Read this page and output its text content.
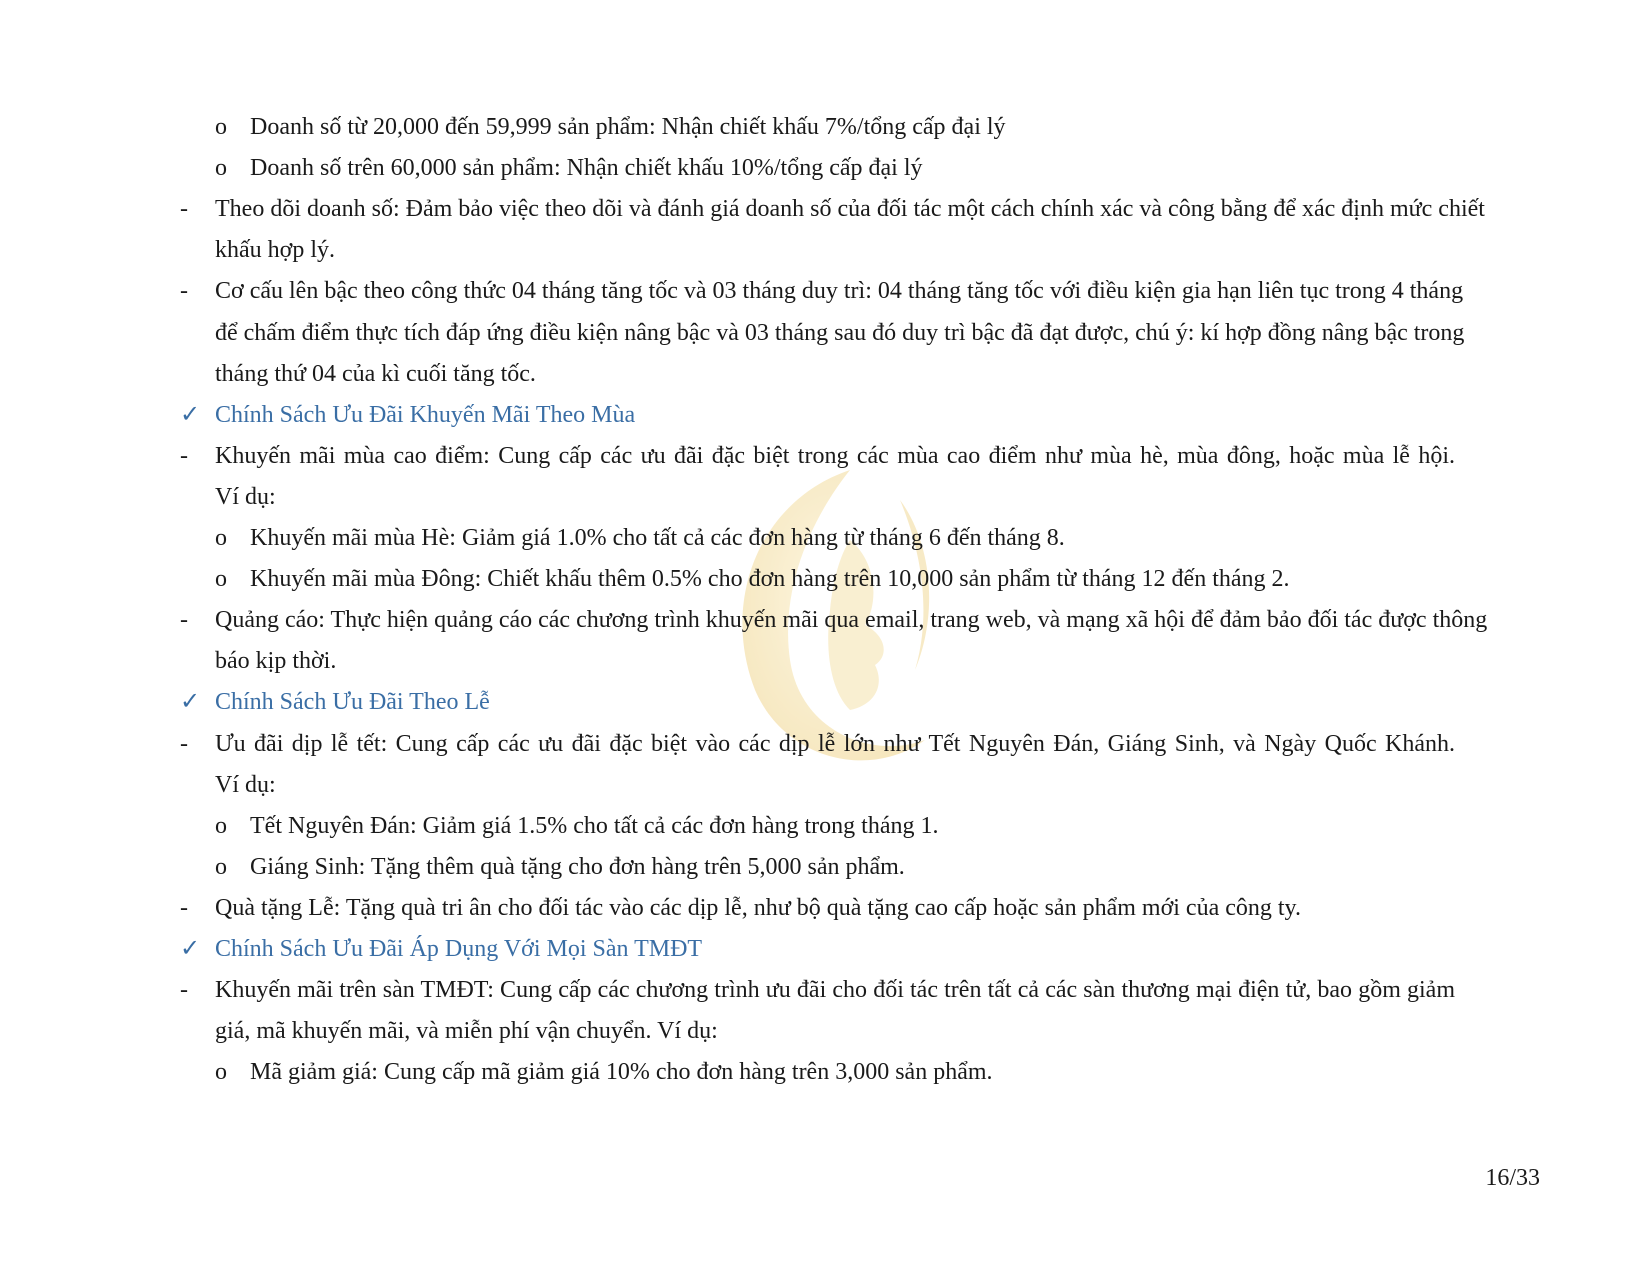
o Doanh số từ 20,000 đến 59,999 sản phẩm: Nhận chiết khấu 7%/tổng cấp đại lý
o Doanh số trên 60,000 sản phẩm: Nhận chiết khấu 10%/tổng cấp đại lý
- Theo dõi doanh số: Đảm bảo việc theo dõi và đánh giá doanh số của đối tác một cách chính xác và công bằng để xác định mức chiết
khấu hợp lý.
- Cơ cấu lên bậc theo công thức 04 tháng tăng tốc và 03 tháng duy trì: 04 tháng tăng tốc với điều kiện gia hạn liên tục trong 4 tháng
để chấm điểm thực tích đáp ứng điều kiện nâng bậc và 03 tháng sau đó duy trì bậc đã đạt được, chú ý: kí hợp đồng nâng bậc trong
tháng thứ 04 của kì cuối tăng tốc.
✓ Chính Sách Ưu Đãi Khuyến Mãi Theo Mùa
- Khuyến mãi mùa cao điểm: Cung cấp các ưu đãi đặc biệt trong các mùa cao điểm như mùa hè, mùa đông, hoặc mùa lễ hội.
Ví dụ:
o Khuyến mãi mùa Hè: Giảm giá 1.0% cho tất cả các đơn hàng từ tháng 6 đến tháng 8.
o Khuyến mãi mùa Đông: Chiết khấu thêm 0.5% cho đơn hàng trên 10,000 sản phẩm từ tháng 12 đến tháng 2.
- Quảng cáo: Thực hiện quảng cáo các chương trình khuyến mãi qua email, trang web, và mạng xã hội để đảm bảo đối tác được thông
báo kịp thời.
✓ Chính Sách Ưu Đãi Theo Lễ
- Ưu đãi dịp lễ tết: Cung cấp các ưu đãi đặc biệt vào các dịp lễ lớn như Tết Nguyên Đán, Giáng Sinh, và Ngày Quốc Khánh.
Ví dụ:
o Tết Nguyên Đán: Giảm giá 1.5% cho tất cả các đơn hàng trong tháng 1.
o Giáng Sinh: Tặng thêm quà tặng cho đơn hàng trên 5,000 sản phẩm.
- Quà tặng Lễ: Tặng quà tri ân cho đối tác vào các dịp lễ, như bộ quà tặng cao cấp hoặc sản phẩm mới của công ty.
✓ Chính Sách Ưu Đãi Áp Dụng Với Mọi Sàn TMĐT
- Khuyến mãi trên sàn TMĐT: Cung cấp các chương trình ưu đãi cho đối tác trên tất cả các sàn thương mại điện tử, bao gồm giảm
giá, mã khuyến mãi, và miễn phí vận chuyển. Ví dụ:
o Mã giảm giá: Cung cấp mã giảm giá 10% cho đơn hàng trên 3,000 sản phẩm.
16/33
